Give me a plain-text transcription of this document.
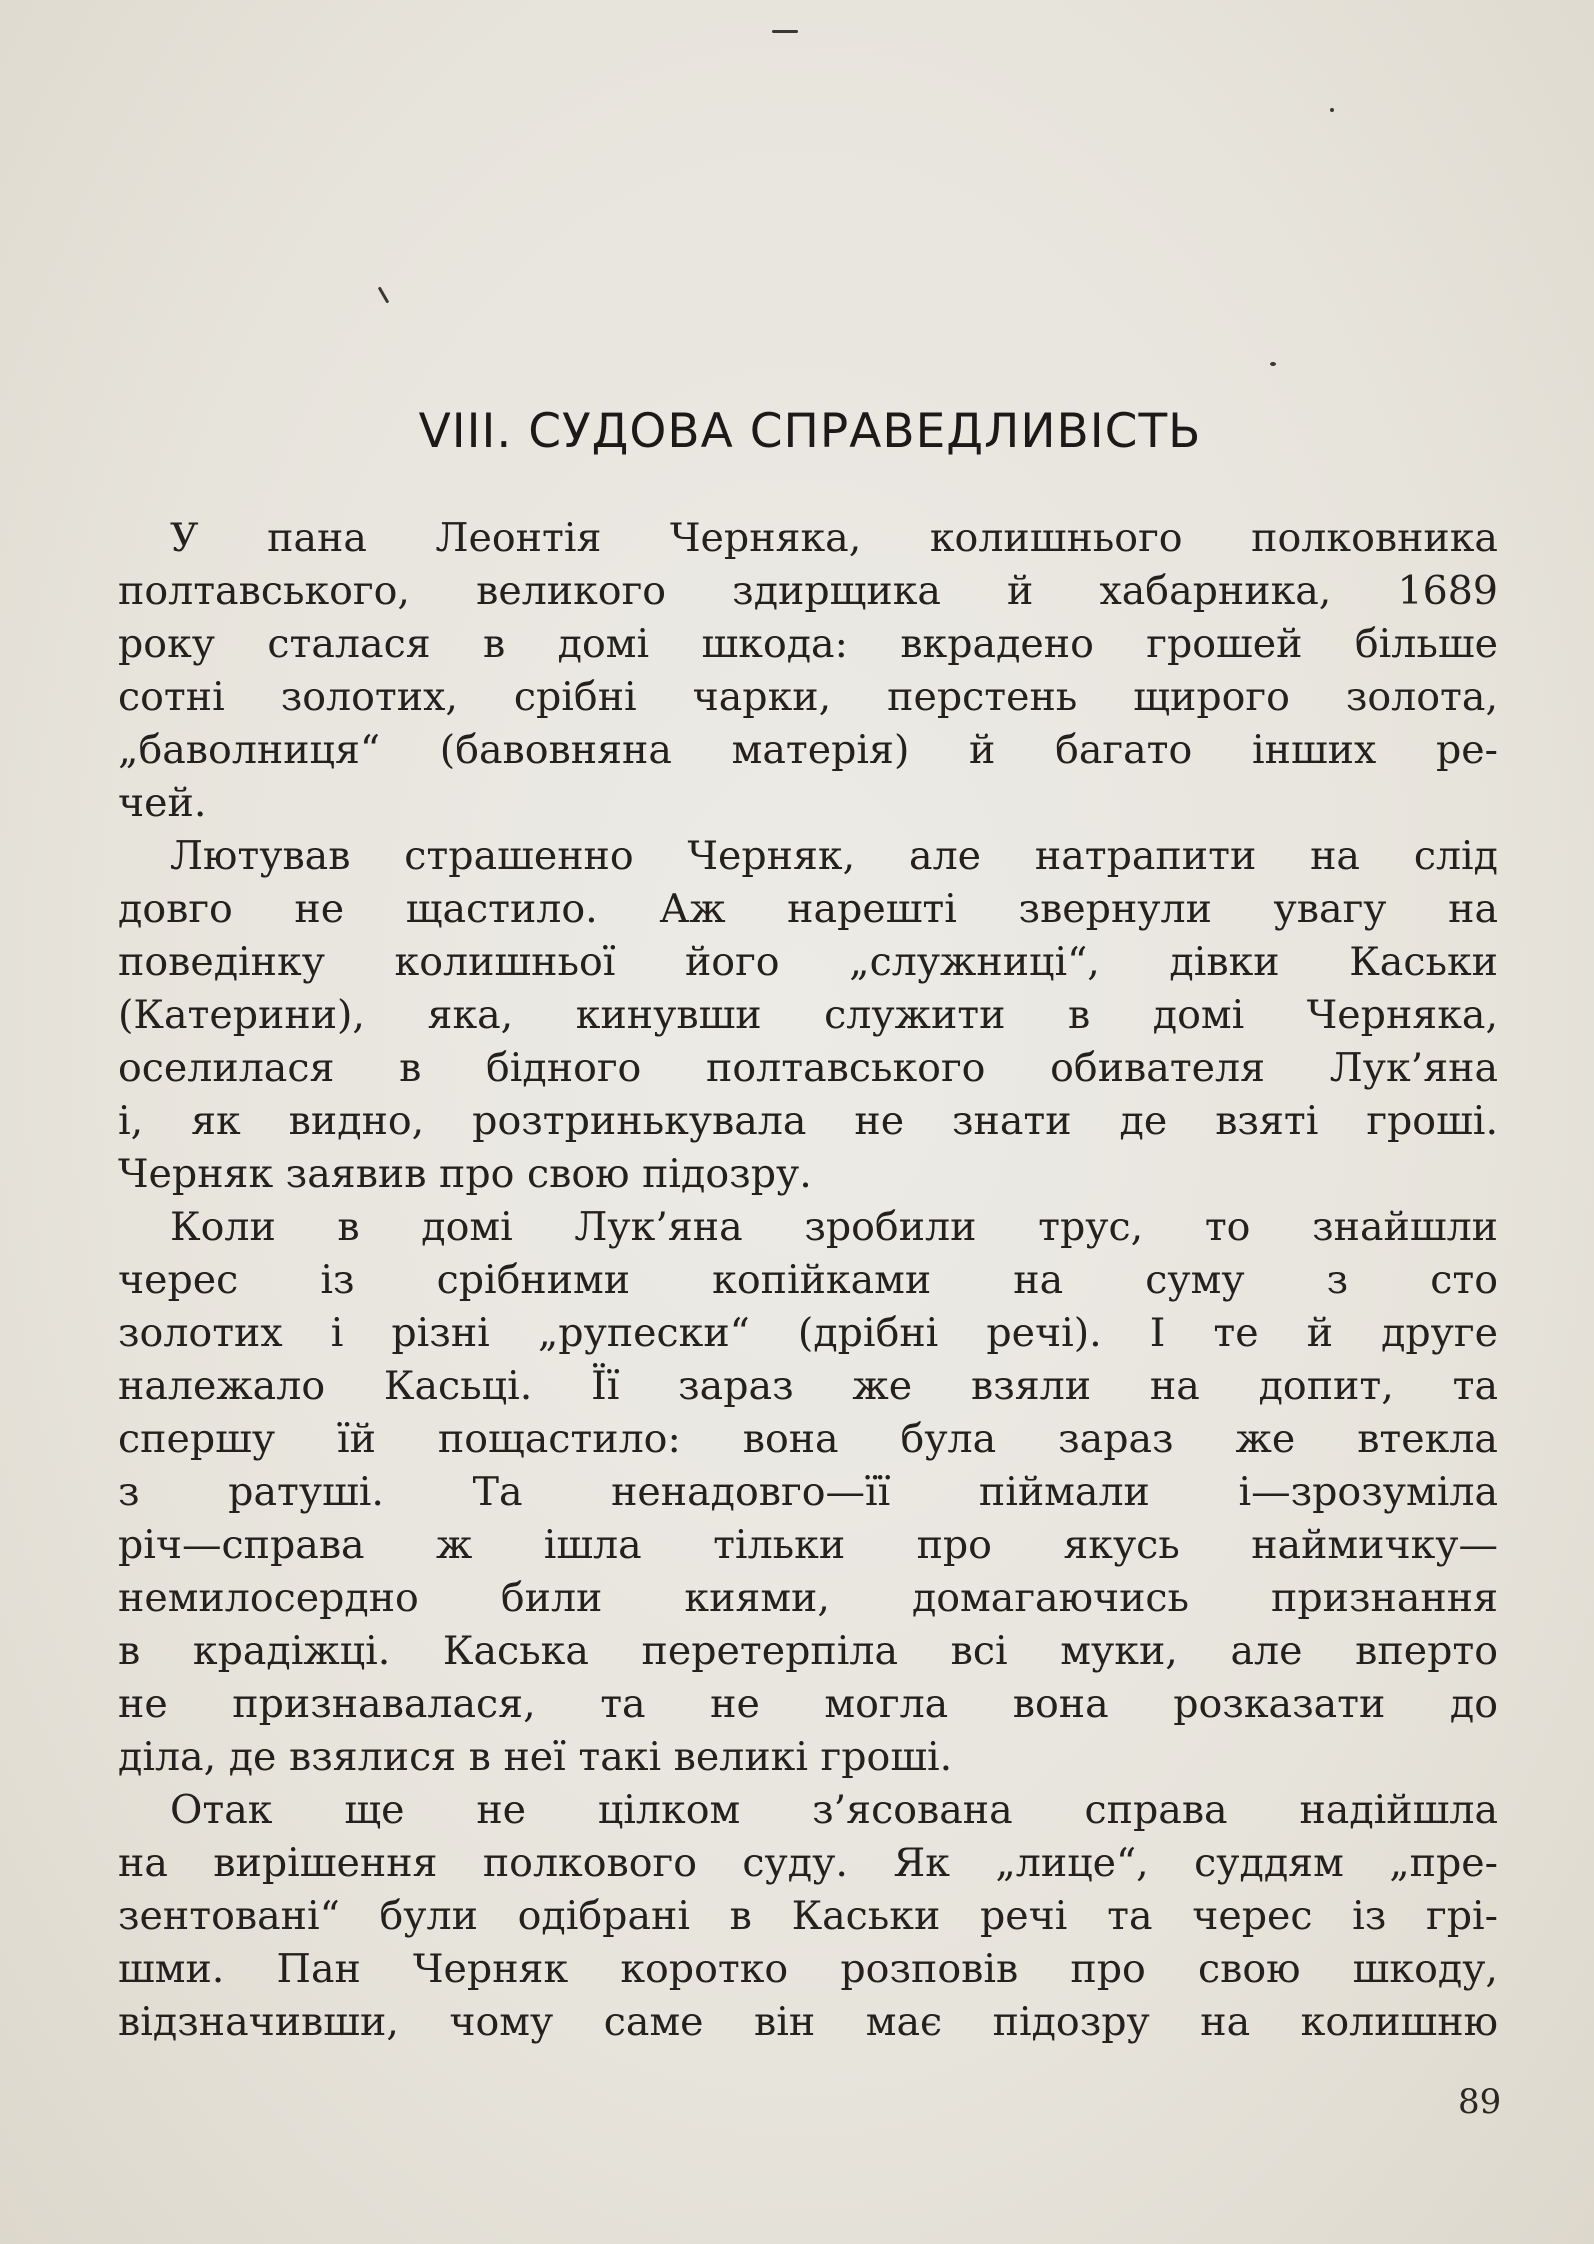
VIII. СУДОВА СПРАВЕДЛИВІСТЬ
У пана Леонтія Черняка, колишнього полковника
полтавського, великого здирщика й хабарника, 1689
року сталася в домі шкода: вкрадено грошей більше
сотні золотих, срібні чарки, перстень щирого золота,
„баволниця“ (бавовняна матерія) й багато інших ре-
чей.
Лютував страшенно Черняк, але натрапити на слід
довго не щастило. Аж нарешті звернули увагу на
поведінку колишньої його „служниці“, дівки Каськи
(Катерини), яка, кинувши служити в домі Черняка,
оселилася в бідного полтавського обивателя Лук’яна
і, як видно, розтринькувала не знати де взяті гроші.
Черняк заявив про свою підозру.
Коли в домі Лук’яна зробили трус, то знайшли
черес із срібними копійками на суму з сто
золотих і різні „рупески“ (дрібні речі). І те й друге
належало Касьці. Її зараз же взяли на допит, та
спершу їй пощастило: вона була зараз же втекла
з ратуші. Та ненадовго—її піймали і—зрозуміла
річ—справа ж ішла тільки про якусь наймичку—
немилосердно били киями, домагаючись признання
в крадіжці. Каська перетерпіла всі муки, але вперто
не признавалася, та не могла вона розказати до
діла, де взялися в неї такі великі гроші.
Отак ще не цілком з’ясована справа надійшла
на вирішення полкового суду. Як „лице“, суддям „пре-
зентовані“ були одібрані в Каськи речі та черес із грі-
шми. Пан Черняк коротко розповів про свою шкоду,
відзначивши, чому саме він має підозру на колишню
89
